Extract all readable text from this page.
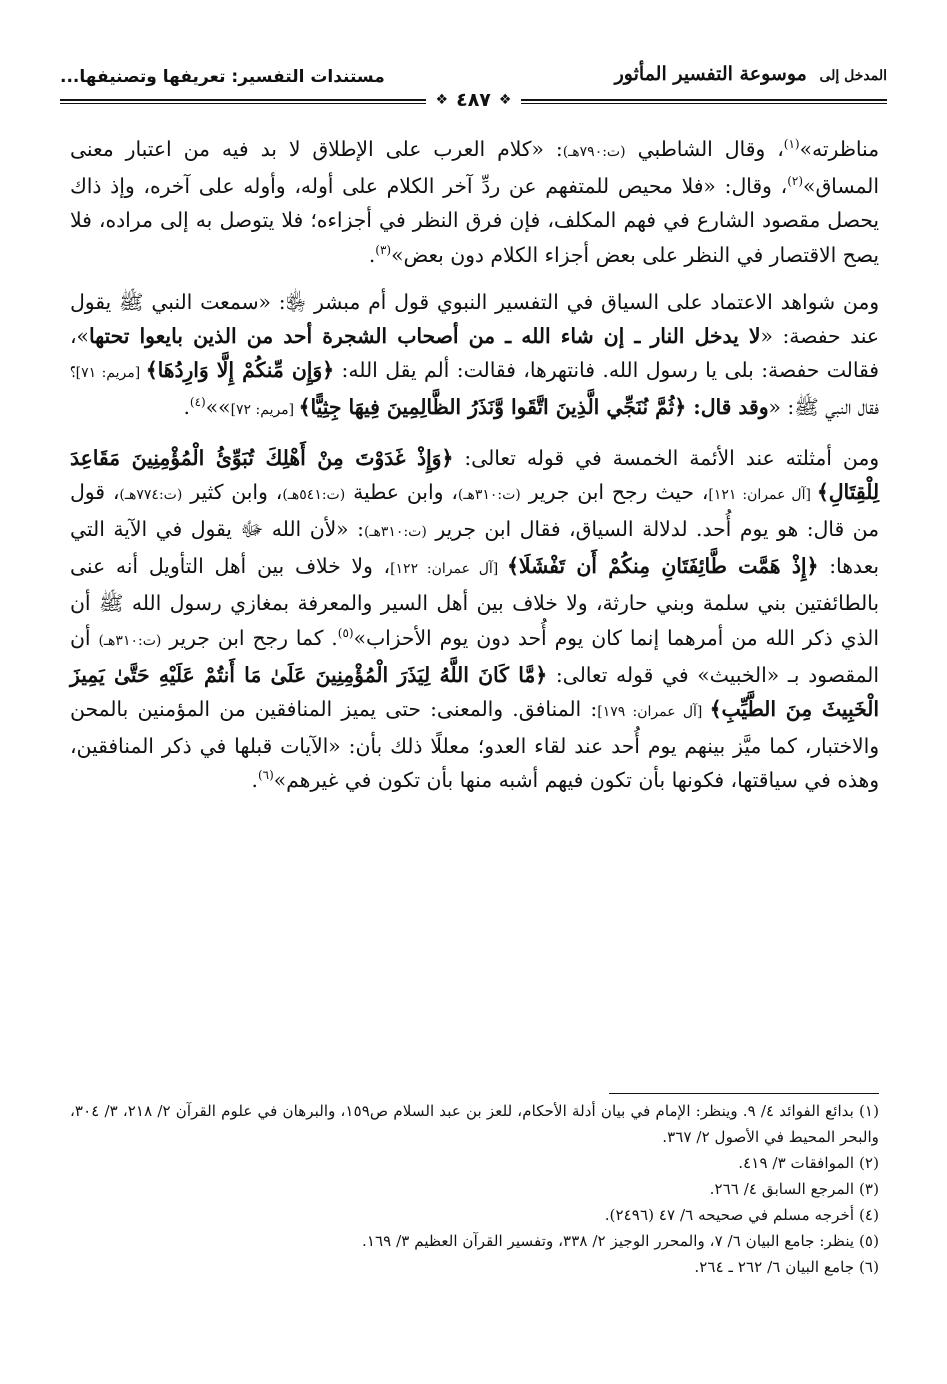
المدخل إلى موسوعة التفسير المأثور
مستندات التفسير: تعريفها وتصنيفها...
❖
٤٨٧
❖

مناظرته»$^{(١)}$، وقال الشاطبي (ت:٧٩٠هـ): «كلام العرب على الإطلاق لا بد فيه من اعتبار معنى المساق»$^{(٢)}$، وقال: «فلا محيص للمتفهم عن ردِّ آخر الكلام على أوله، وأوله على آخره، وإذ ذاك يحصل مقصود الشارع في فهم المكلف، فإن فرق النظر في أجزاءه؛ فلا يتوصل به إلى مراده، فلا يصح الاقتصار في النظر على بعض أجزاء الكلام دون بعض»$^{(٣)}$.

ومن شواهد الاعتماد على السياق في التفسير النبوي قول أم مبشر ﵂: «سمعت النبي ﷺ يقول عند حفصة: «لا يدخل النار ـ إن شاء الله ـ من أصحاب الشجرة أحد من الذين بايعوا تحتها»، فقالت حفصة: بلى يا رسول الله. فانتهرها، فقالت: ألم يقل الله: ﴿وَإِن مِّنكُمْ إِلَّا وَارِدُهَا﴾ [مريم: ٧١]؟ فقال النبي ﷺ: «وقد قال: ﴿ثُمَّ نُنَجِّي الَّذِينَ اتَّقَوا وَّنَذَرُ الظَّالِمِينَ فِيهَا جِثِيًّا﴾ [مريم: ٧٢]»»$^{(٤)}$.

ومن أمثلته عند الأئمة الخمسة في قوله تعالى: ﴿وَإِذْ غَدَوْتَ مِنْ أَهْلِكَ تُبَوِّئُ الْمُؤْمِنِينَ مَقَاعِدَ لِلْقِتَالِ﴾ [آل عمران: ١٢١]، حيث رجح ابن جرير (ت:٣١٠هـ)، وابن عطية (ت:٥٤١هـ)، وابن كثير (ت:٧٧٤هـ)، قول من قال: هو يوم أُحد. لدلالة السياق، فقال ابن جرير (ت:٣١٠هـ): «لأن الله ﷻ يقول في الآية التي بعدها: ﴿إِذْ هَمَّت طَّائِفَتَانِ مِنكُمْ أَن تَفْشَلَا﴾ [آل عمران: ١٢٢]، ولا خلاف بين أهل التأويل أنه عنى بالطائفتين بني سلمة وبني حارثة، ولا خلاف بين أهل السير والمعرفة بمغازي رسول الله ﷺ أن الذي ذكر الله من أمرهما إنما كان يوم أُحد دون يوم الأحزاب»$^{(٥)}$. كما رجح ابن جرير (ت:٣١٠هـ) أن المقصود بـ «الخبيث» في قوله تعالى: ﴿مَّا كَانَ اللَّهُ لِيَذَرَ الْمُؤْمِنِينَ عَلَىٰ مَا أَنتُمْ عَلَيْهِ حَتَّىٰ يَمِيزَ الْخَبِيثَ مِنَ الطَّيِّبِ﴾ [آل عمران: ١٧٩]: المنافق. والمعنى: حتى يميز المنافقين من المؤمنين بالمحن والاختبار، كما ميَّز بينهم يوم أُحد عند لقاء العدو؛ معللًا ذلك بأن: «الآيات قبلها في ذكر المنافقين، وهذه في سياقتها، فكونها بأن تكون فيهم أشبه منها بأن تكون في غيرهم»$^{(٦)}$.

(١) بدائع الفوائد ٤/ ٩. وينظر: الإمام في بيان أدلة الأحكام، للعز بن عبد السلام ص١٥٩، والبرهان في علوم القرآن ٢/ ٢١٨، ٣/ ٣٠٤، والبحر المحيط في الأصول ٢/ ٣٦٧.

(٢) الموافقات ٣/ ٤١٩.

(٣) المرجع السابق ٤/ ٢٦٦.

(٤) أخرجه مسلم في صحيحه ٦/ ٤٧ (٢٤٩٦).

(٥) ينظر: جامع البيان ٦/ ٧، والمحرر الوجيز ٢/ ٣٣٨، وتفسير القرآن العظيم ٣/ ١٦٩.

(٦) جامع البيان ٦/ ٢٦٢ ـ ٢٦٤.
